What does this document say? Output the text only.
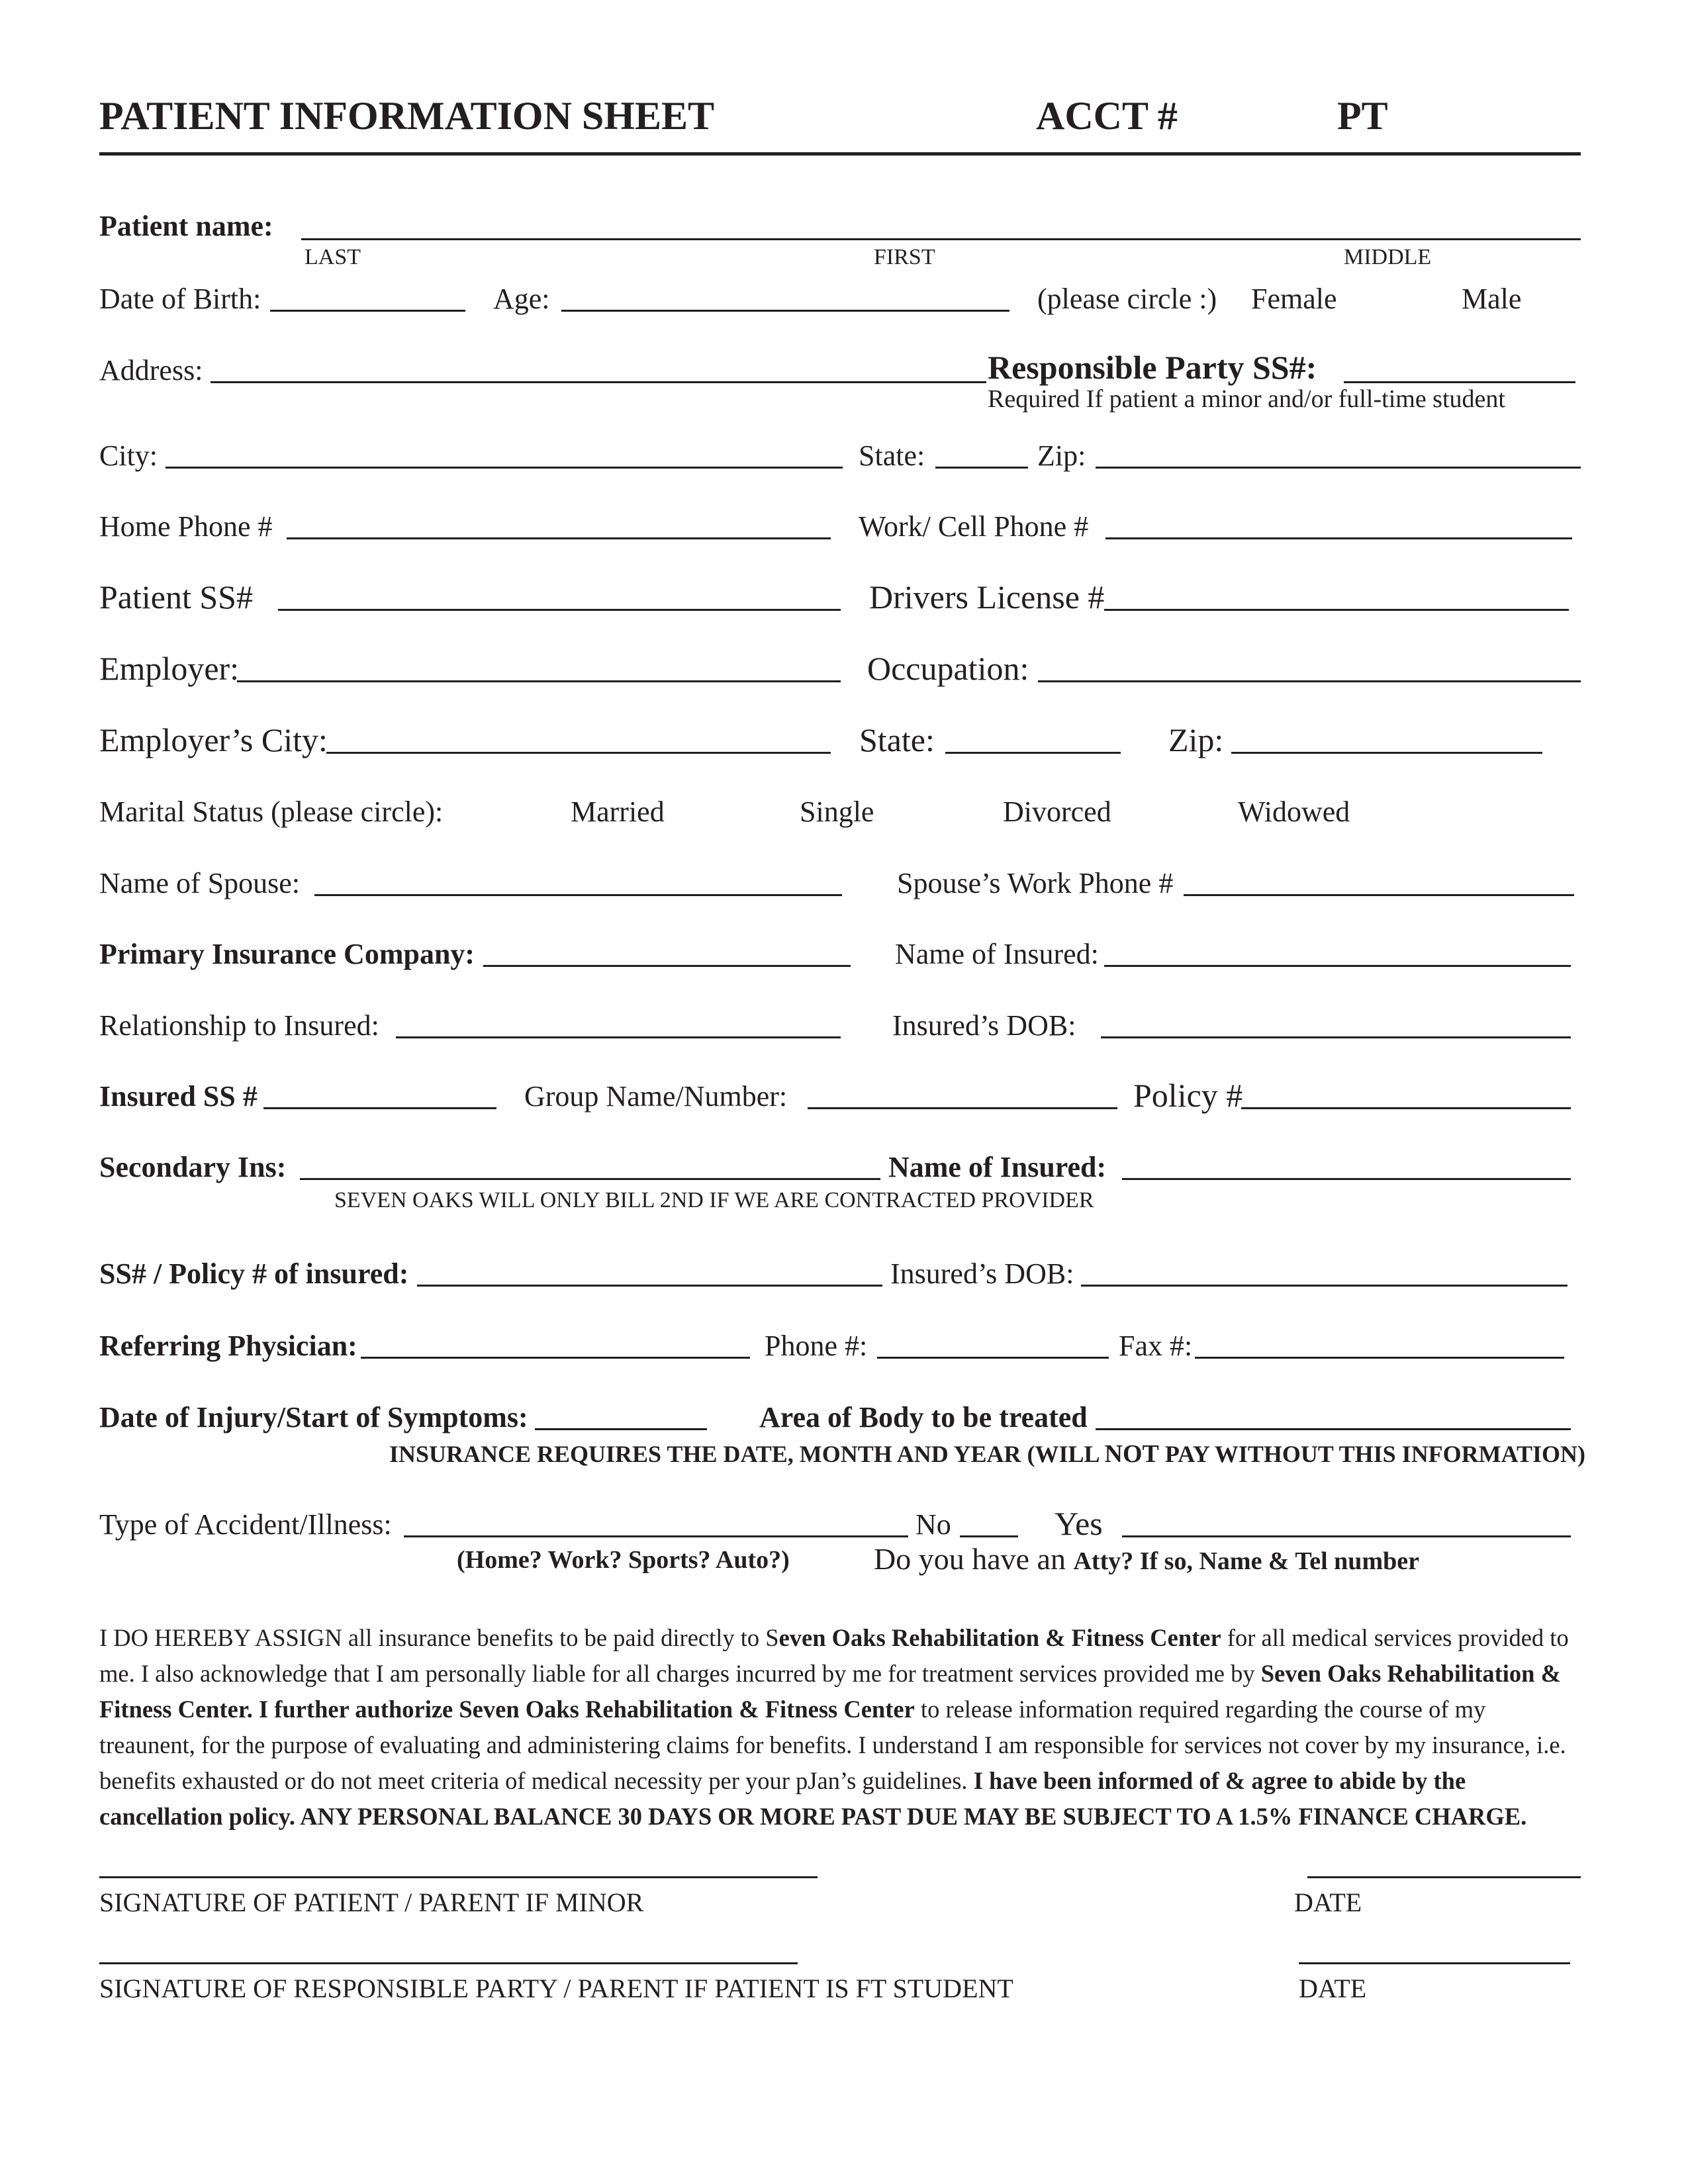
PATIENT INFORMATION SHEET	ACCT #	PT
Patient name:
LAST	FIRST	MIDDLE
Date of Birth:	Age:	(please circle :) Female	Male
Address:	Responsible Party SS#:
Required If patient a minor and/or full-time student
City:	State:	Zip:
Home Phone #	Work/ Cell Phone #
Patient SS#	Drivers License #
Employer:	Occupation:
Employer’s City:	State:	Zip:
Marital Status (please circle):	Married	Single	Divorced	Widowed
Name of Spouse:	Spouse’s Work Phone #
Primary Insurance Company:	Name of Insured:
Relationship to Insured:	Insured’s DOB:
Insured SS #	Group Name/Number:	Policy #
Secondary Ins:	Name of Insured:
SEVEN OAKS WILL ONLY BILL 2ND IF WE ARE CONTRACTED PROVIDER
SS# / Policy # of insured:	Insured’s DOB:
Referring Physician:	Phone #:	Fax #:
Date of Injury/Start of Symptoms:	Area of Body to be treated
INSURANCE REQUIRES THE DATE, MONTH AND YEAR (WILL NOT PAY WITHOUT THIS INFORMATION)
Type of Accident/Illness:	No	Yes
(Home? Work? Sports? Auto?)	Do you have an Atty? If so, Name & Tel number
I DO HEREBY ASSIGN all insurance benefits to be paid directly to Seven Oaks Rehabilitation & Fitness Center for all medical services provided to me. I also acknowledge that I am personally liable for all charges incurred by me for treatment services provided me by Seven Oaks Rehabilitation & Fitness Center. I further authorize Seven Oaks Rehabilitation & Fitness Center to release information required regarding the course of my treaunent, for the purpose of evaluating and administering claims for benefits. I understand I am responsible for services not cover by my insurance, i.e. benefits exhausted or do not meet criteria of medical necessity per your pJan’s guidelines. I have been informed of & agree to abide by the cancellation policy. ANY PERSONAL BALANCE 30 DAYS OR MORE PAST DUE MAY BE SUBJECT TO A 1.5% FINANCE CHARGE.
SIGNATURE OF PATIENT / PARENT IF MINOR	DATE
SIGNATURE OF RESPONSIBLE PARTY / PARENT IF PATIENT IS FT STUDENT	DATE
